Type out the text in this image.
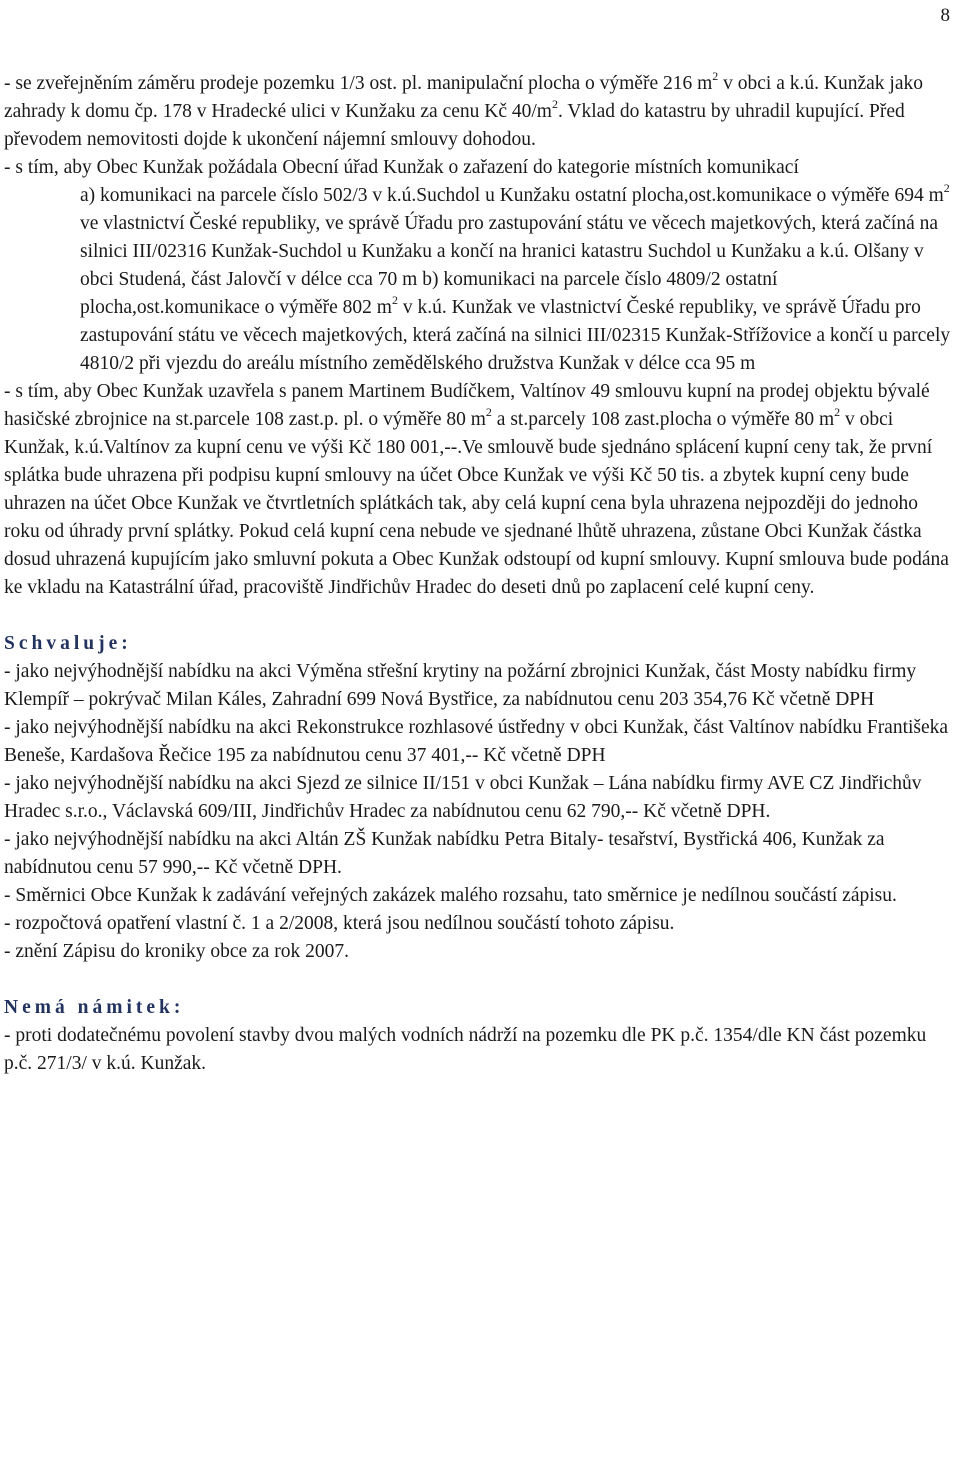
8

- se zveřejněním záměru prodeje pozemku 1/3 ost. pl. manipulační plocha o výměře 216 $m^2$ v obci a k.ú. Kunžak jako zahrady k domu čp. 178 v Hradecké ulici v Kunžaku za cenu Kč $40/m^2$. Vklad do katastru by uhradil kupující. Před převodem nemovitosti dojde k ukončení nájemní smlouvy dohodou.

- s tím, aby Obec Kunžak požádala Obecní úřad Kunžak o zařazení do kategorie místních komunikací

a) komunikaci na parcele číslo 502/3 v k.ú.Suchdol u Kunžaku ostatní plocha,ost.komunikace o výměře 694 $m^2$ ve vlastnictví České republiky, ve správě Úřadu pro zastupování státu ve věcech majetkových, která začíná na silnici III/02316 Kunžak-Suchdol u Kunžaku a končí na hranici katastru Suchdol u Kunžaku a k.ú. Olšany v obci Studená, část Jalovčí v délce cca 70 m b) komunikaci na parcele číslo 4809/2 ostatní plocha,ost.komunikace o výměře 802 $m^2$ v k.ú. Kunžak ve vlastnictví České republiky, ve správě Úřadu pro zastupování státu ve věcech majetkových, která začíná na silnici III/02315 Kunžak-Střížovice a končí u parcely 4810/2 při vjezdu do areálu místního zemědělského družstva Kunžak v délce cca 95 m

- s tím, aby Obec Kunžak uzavřela s panem Martinem Budíčkem, Valtínov 49 smlouvu kupní na prodej objektu bývalé hasičské zbrojnice na st.parcele 108 zast.p. pl. o výměře 80 $m^2$ a st.parcely 108 zast.plocha o výměře 80 $m^2$ v obci Kunžak, k.ú.Valtínov za kupní cenu ve výši Kč 180 001,--.Ve smlouvě bude sjednáno splácení kupní ceny tak, že první splátka bude uhrazena při podpisu kupní smlouvy na účet Obce Kunžak ve výši Kč 50 tis. a zbytek kupní ceny bude uhrazen na účet Obce Kunžak ve čtvrtletních splátkách tak, aby celá kupní cena byla uhrazena nejpozději do jednoho roku od úhrady první splátky. Pokud celá kupní cena nebude ve sjednané lhůtě uhrazena, zůstane Obci Kunžak částka dosud uhrazená kupujícím jako smluvní pokuta a Obec Kunžak odstoupí od kupní smlouvy. Kupní smlouva bude podána ke vkladu na Katastrální úřad, pracoviště Jindřichův Hradec do deseti dnů po zaplacení celé kupní ceny.

Schvaluje:

- jako nejvýhodnější nabídku na akci Výměna střešní krytiny na požární zbrojnici Kunžak, část Mosty nabídku firmy Klempíř – pokrývač Milan Káles, Zahradní 699 Nová Bystřice, za nabídnutou cenu 203 354,76 Kč včetně DPH

- jako nejvýhodnější nabídku na akci Rekonstrukce rozhlasové ústředny v obci Kunžak, část Valtínov nabídku Františeka Beneše, Kardašova Řečice 195 za nabídnutou cenu 37 401,-- Kč včetně DPH

- jako nejvýhodnější nabídku na akci Sjezd ze silnice II/151 v obci Kunžak – Lána nabídku firmy AVE CZ Jindřichův Hradec s.r.o., Václavská 609/III, Jindřichův Hradec za nabídnutou cenu 62 790,-- Kč včetně DPH.

- jako nejvýhodnější nabídku na akci Altán ZŠ Kunžak nabídku Petra Bitaly- tesařství, Bystřická 406, Kunžak za nabídnutou cenu 57 990,-- Kč včetně DPH.

- Směrnici Obce Kunžak k zadávání veřejných zakázek malého rozsahu, tato směrnice je nedílnou součástí zápisu.

- rozpočtová opatření vlastní č. 1 a 2/2008, která jsou nedílnou součástí tohoto zápisu.

- znění Zápisu do kroniky obce za rok 2007.

Nemá námitek:

- proti dodatečnému povolení stavby dvou malých vodních nádrží na pozemku dle PK p.č. 1354/dle KN část pozemku p.č. 271/3/ v k.ú. Kunžak.
